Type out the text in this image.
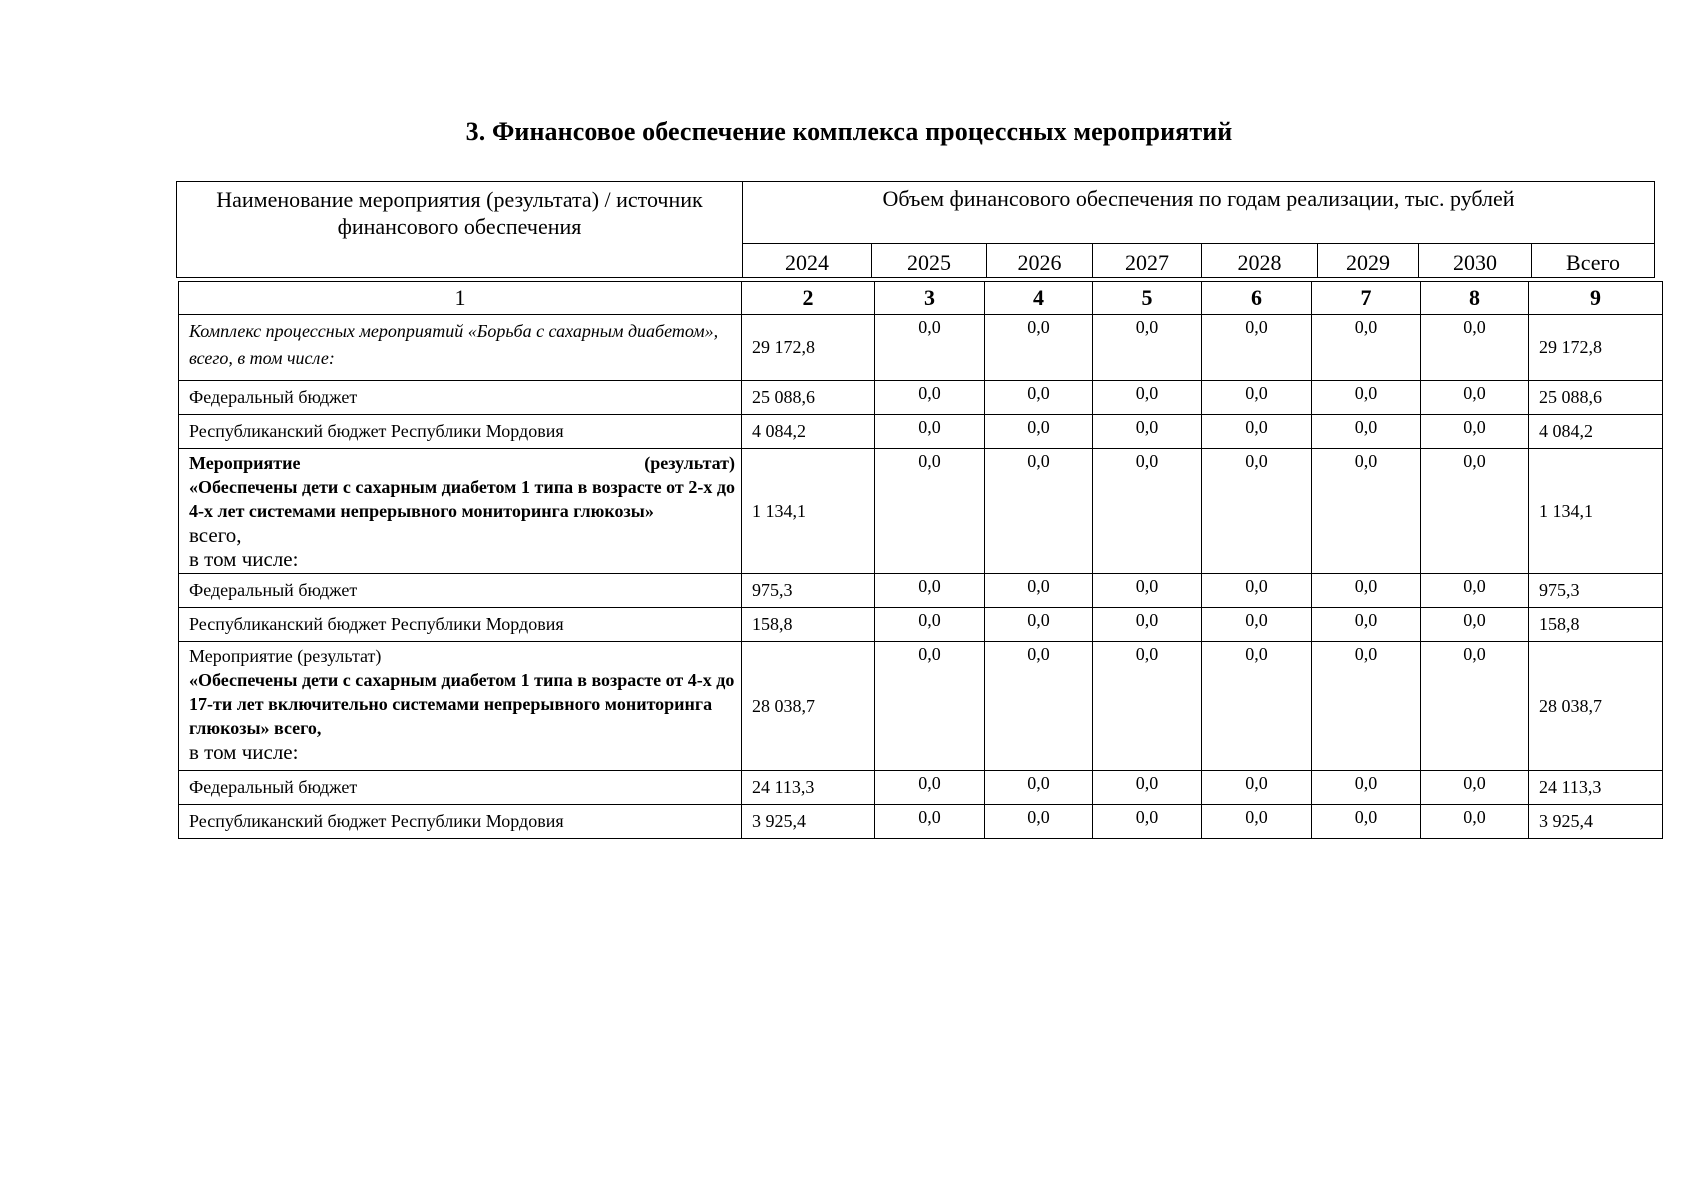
3. Финансовое обеспечение комплекса процессных мероприятий
Наименование мероприятия (результата) / источник финансового обеспечения	Объем финансового обеспечения по годам реализации, тыс. рублей							
	2024	2025	2026	2027	2028	2029	2030	Всего
1	2	3	4	5	6	7	8	9
Комплекс процессных мероприятий «Борьба с сахарным диабетом», всего, в том числе:	29 172,8	0,0	0,0	0,0	0,0	0,0	0,0	29 172,8
Федеральный бюджет	25 088,6	0,0	0,0	0,0	0,0	0,0	0,0	25 088,6
Республиканский бюджет Республики Мордовия	4 084,2	0,0	0,0	0,0	0,0	0,0	0,0	4 084,2

Мероприятие (результат)
«Обеспечены дети с сахарным диабетом 1 типа в возрасте от 2-х до 4-х лет системами непрерывного мониторинга глюкозы»
всего,
в том числе:	1 134,1	0,0	0,0	0,0	0,0	0,0	0,0	1 134,1
Федеральный бюджет	975,3	0,0	0,0	0,0	0,0	0,0	0,0	975,3
Республиканский бюджет Республики Мордовия	158,8	0,0	0,0	0,0	0,0	0,0	0,0	158,8

Мероприятие (результат)
«Обеспечены дети с сахарным диабетом 1 типа в возрасте от 4-х до 17-ти лет включительно системами непрерывного мониторинга глюкозы» всего,
в том числе:	28 038,7	0,0	0,0	0,0	0,0	0,0	0,0	28 038,7
Федеральный бюджет	24 113,3	0,0	0,0	0,0	0,0	0,0	0,0	24 113,3
Республиканский бюджет Республики Мордовия	3 925,4	0,0	0,0	0,0	0,0	0,0	0,0	3 925,4
